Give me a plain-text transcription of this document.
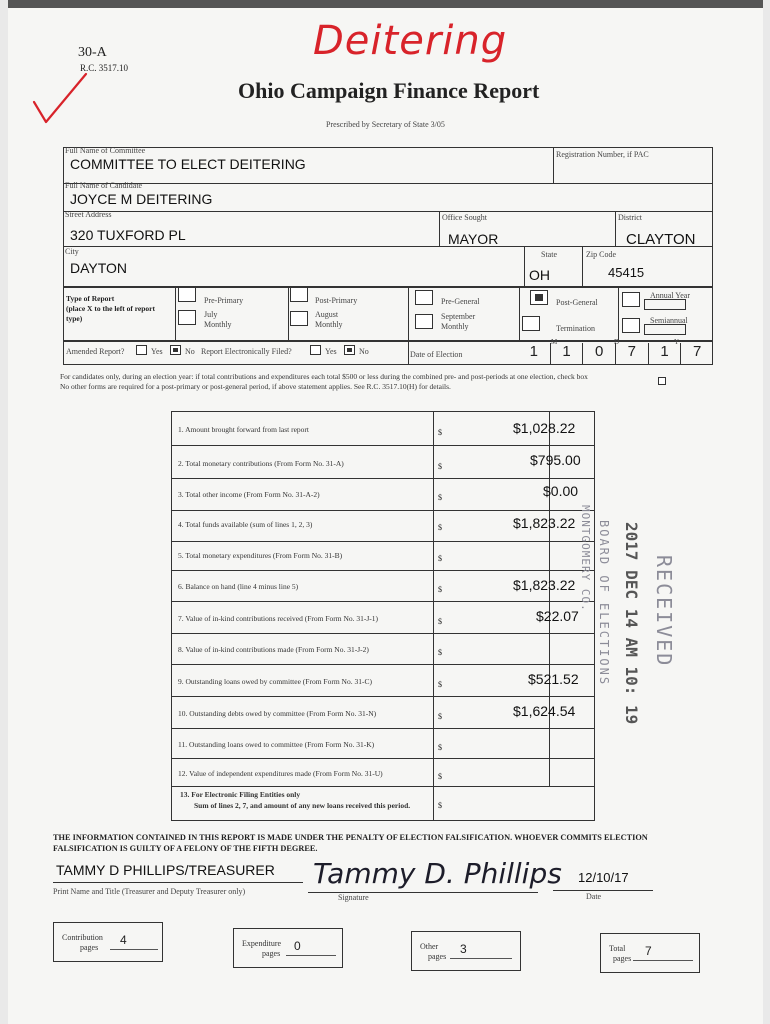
30-A
R.C. 3517.10
Deitering
Ohio Campaign Finance Report
Prescribed by Secretary of State 3/05
Full Name of Committee
COMMITTEE TO ELECT DEITERING
Registration Number, if PAC
Full Name of Candidate
JOYCE M DEITERING
Street Address
320 TUXFORD PL
Office Sought
MAYOR
District
CLAYTON
City
DAYTON
State
OH
Zip Code
45415
Type of Report
(place X to the left of report
type)
Pre-Primary
July
Monthly
Post-Primary
August
Monthly
Pre-General
September
Monthly
Post-General
Termination
Annual Year
Semiannual
Amended Report?	Yes	No Report Electronically Filed?	Yes	No	Date of Election
M	D	Y
1	1	0	7	1	7
For candidates only, during an election year: if total contributions and expenditures each total $500 or less during the combined pre- and post-periods at one election, check box
No other forms are required for a post-primary or post-general period, if above statement applies. See R.C. 3517.10(H) for details.
1. Amount brought forward from last report	$	$1,028.22
2. Total monetary contributions (From Form No. 31-A)	$	$795.00
3. Total other income (From Form No. 31-A-2)	$	$0.00
4. Total funds available (sum of lines 1, 2, 3)	$	$1,823.22
5. Total monetary expenditures (From Form No. 31-B)	$
6. Balance on hand (line 4 minus line 5)	$	$1,823.22
7. Value of in-kind contributions received (From Form No. 31-J-1)	$	$22.07
8. Value of in-kind contributions made (From Form No. 31-J-2)	$
9. Outstanding loans owed by committee (From Form No. 31-C)	$	$521.52
10. Outstanding debts owed by committee (From Form No. 31-N)	$	$1,624.54
11. Outstanding loans owed to committee (From Form No. 31-K)	$
12. Value of independent expenditures made (From Form No. 31-U)	$
13. For Electronic Filing Entities only
Sum of lines 2, 7, and amount of any new loans received this period.	$
RECEIVED
2017 DEC 14 AM 10: 19
BOARD OF ELECTIONS
MONTGOMERY CO.
THE INFORMATION CONTAINED IN THIS REPORT IS MADE UNDER THE PENALTY OF ELECTION FALSIFICATION. WHOEVER COMMITS ELECTION
FALSIFICATION IS GUILTY OF A FELONY OF THE FIFTH DEGREE.
TAMMY D PHILLIPS/TREASURER
Print Name and Title (Treasurer and Deputy Treasurer only)
Tammy D. Phillips
Signature
12/10/17
Date
Contribution
pages
4	Expenditure
pages
0	Other
pages
3	Total
pages
7
